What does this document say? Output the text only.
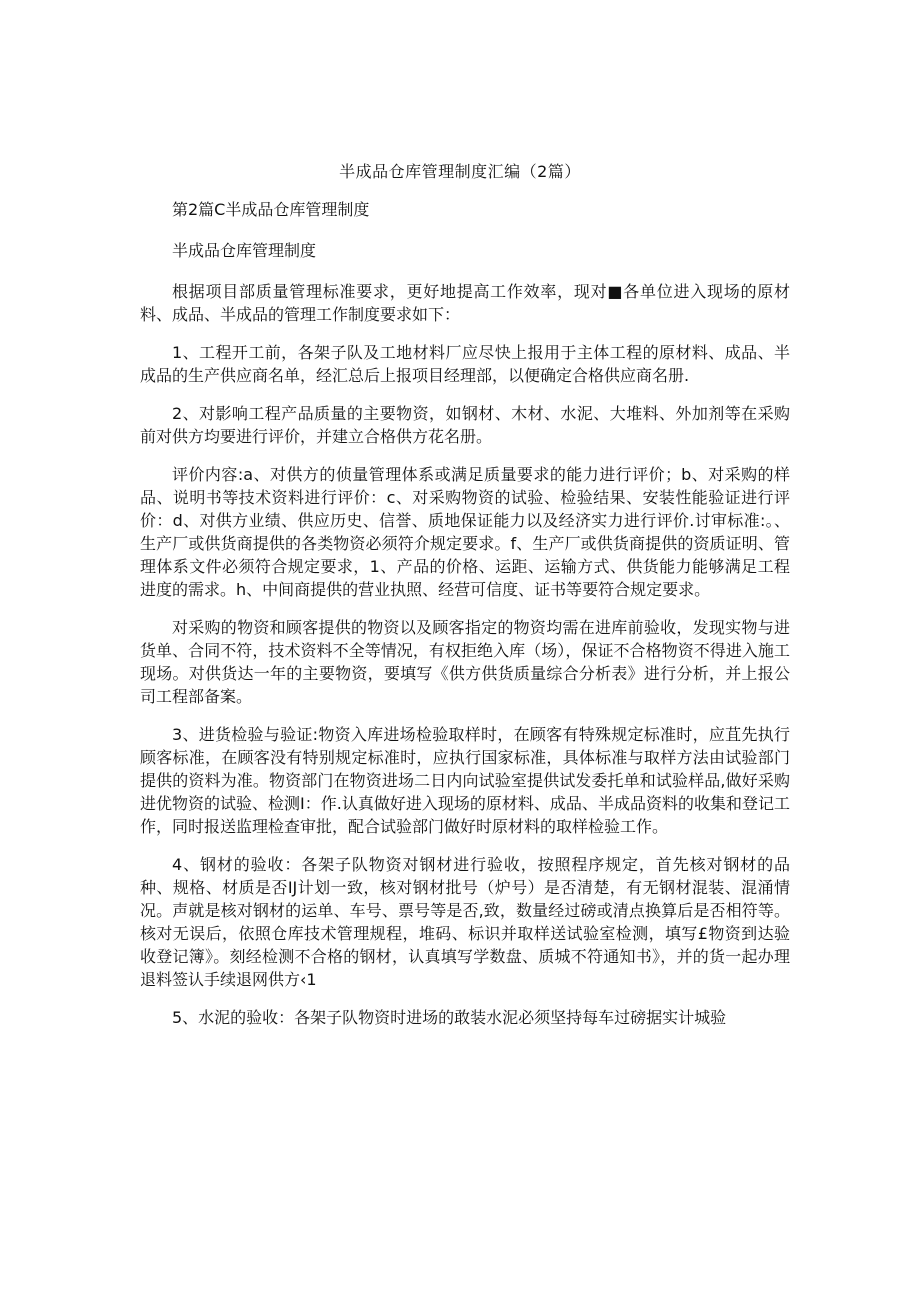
半成品仓库管理制度汇编（2篇）

第2篇C半成品仓库管理制度

半成品仓库管理制度

根据项目部质量管理标准要求，更好地提高工作效率，现对■各单位进入现场的原材料、成品、半成品的管理工作制度要求如下：

1、工程开工前，各架子队及工地材料厂应尽快上报用于主体工程的原材料、成品、半成品的生产供应商名单，经汇总后上报项目经理部，以便确定合格供应商名册.

2、对影响工程产品质量的主要物资，如钢材、木材、水泥、大堆料、外加剂等在采购前对供方均要进行评价，并建立合格供方花名册。

评价内容:a、对供方的侦量管理体系或满足质量要求的能力进行评价；b、对采购的样品、说明书等技术资料进行评价：c、对采购物资的试验、检验结果、安装性能验证进行评价：d、对供方业绩、供应历史、信誉、质地保证能力以及经济实力进行评价.讨审标准:。、生产厂或供货商提供的各类物资必须符介规定要求。f、生产厂或供货商提供的资质证明、管理体系文件必须符合规定要求，1、产品的价格、运距、运输方式、供货能力能够满足工程进度的需求。h、中间商提供的营业执照、经营可信度、证书等要符合规定要求。

对采购的物资和顾客提供的物资以及顾客指定的物资均需在进库前验收，发现实物与进货单、合同不符，技术资料不全等情况，有权拒绝入库（场），保证不合格物资不得进入施工现场。对供货达一年的主要物资，要填写《供方供货质量综合分析表》进行分析，并上报公司工程部备案。

3、进货检验与验证:物资入库进场检验取样时，在顾客有特殊规定标准时，应苴先执行顾客标准，在顾客没有特别规定标准时，应执行国家标准，具体标准与取样方法由试验部门提供的资料为准。物资部门在物资进场二日内向试验室提供试发委托单和试验样品,做好采购进优物资的试验、检测I：作.认真做好进入现场的原材料、成品、半成品资料的收集和登记工作，同时报送监理检查审批，配合试验部门做好时原材料的取样检验工作。

4、钢材的验收：各架子队物资对钢材进行验收，按照程序规定，首先核对钢材的品种、规格、材质是否IJ计划一致，核对钢材批号（炉号）是否清楚，有无钢材混装、混涌情况。声就是核对钢材的运单、车号、票号等是否,致，数量经过磅或清点换算后是否相符等。核对无误后，依照仓库技术管理规程，堆码、标识并取样送试验室检测，填写£物资到达验收登记簿》。刻经检测不合格的钢材，认真填写学数盘、质城不符通知书》，并的货一起办理退料签认手续退网供方‹1

5、水泥的验收：各架子队物资时进场的敢装水泥必须坚持每车过磅据实计城验
